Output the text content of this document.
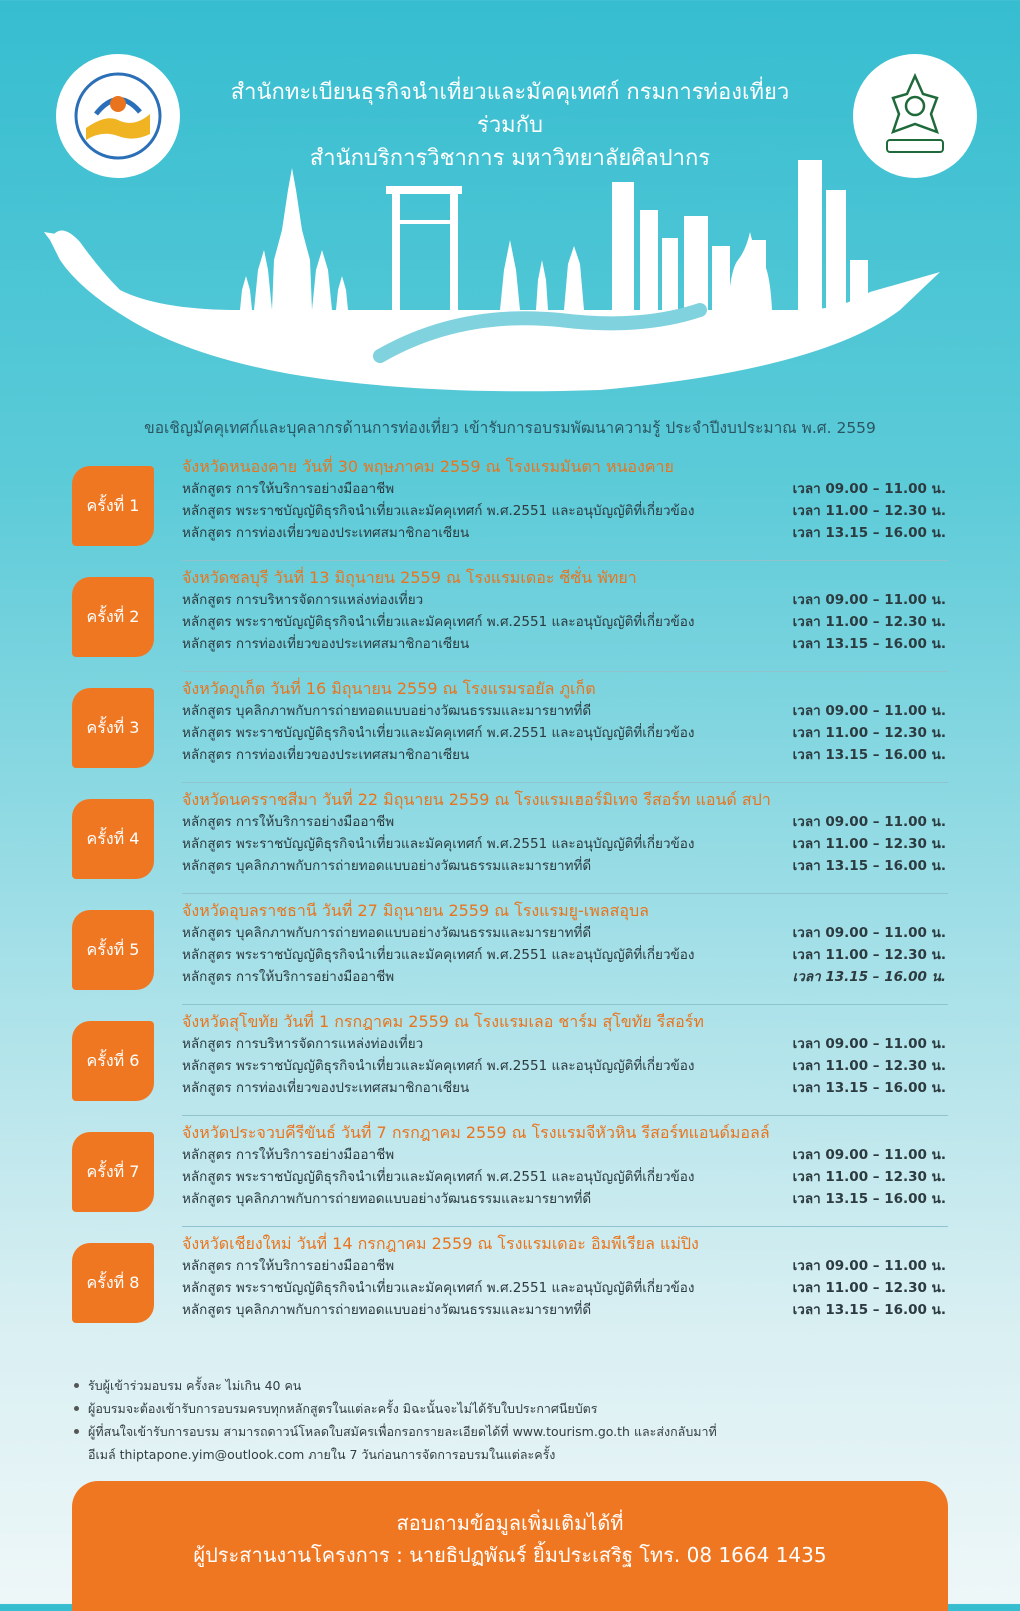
สำนักทะเบียนธุรกิจนำเที่ยวและมัคคุเทศก์ กรมการท่องเที่ยว
ร่วมกับ
สำนักบริการวิชาการ มหาวิทยาลัยศิลปากร
ขอเชิญมัคคุเทศก์และบุคลากรด้านการท่องเที่ยว เข้ารับการอบรมพัฒนาความรู้ ประจำปีงบประมาณ พ.ศ. 2559
ครั้งที่ 1
จังหวัดหนองคาย วันที่ 30 พฤษภาคม 2559 ณ โรงแรมมันตา หนองคาย
หลักสูตร การให้บริการอย่างมืออาชีพ	เวลา 09.00 – 11.00 น.
หลักสูตร พระราชบัญญัติธุรกิจนำเที่ยวและมัคคุเทศก์ พ.ศ.2551 และอนุบัญญัติที่เกี่ยวข้อง	เวลา 11.00 – 12.30 น.
หลักสูตร การท่องเที่ยวของประเทศสมาชิกอาเซียน	เวลา 13.15 – 16.00 น.
ครั้งที่ 2
จังหวัดชลบุรี วันที่ 13 มิถุนายน 2559 ณ โรงแรมเดอะ ซีซั่น พัทยา
หลักสูตร การบริหารจัดการแหล่งท่องเที่ยว	เวลา 09.00 – 11.00 น.
หลักสูตร พระราชบัญญัติธุรกิจนำเที่ยวและมัคคุเทศก์ พ.ศ.2551 และอนุบัญญัติที่เกี่ยวข้อง	เวลา 11.00 – 12.30 น.
หลักสูตร การท่องเที่ยวของประเทศสมาชิกอาเซียน	เวลา 13.15 – 16.00 น.
ครั้งที่ 3
จังหวัดภูเก็ต วันที่ 16 มิถุนายน 2559 ณ โรงแรมรอยัล ภูเก็ต
หลักสูตร บุคลิกภาพกับการถ่ายทอดแบบอย่างวัฒนธรรมและมารยาทที่ดี	เวลา 09.00 – 11.00 น.
หลักสูตร พระราชบัญญัติธุรกิจนำเที่ยวและมัคคุเทศก์ พ.ศ.2551 และอนุบัญญัติที่เกี่ยวข้อง	เวลา 11.00 – 12.30 น.
หลักสูตร การท่องเที่ยวของประเทศสมาชิกอาเซียน	เวลา 13.15 – 16.00 น.
ครั้งที่ 4
จังหวัดนครราชสีมา วันที่ 22 มิถุนายน 2559 ณ โรงแรมเฮอร์มิเทจ รีสอร์ท แอนด์ สปา
หลักสูตร การให้บริการอย่างมืออาชีพ	เวลา 09.00 – 11.00 น.
หลักสูตร พระราชบัญญัติธุรกิจนำเที่ยวและมัคคุเทศก์ พ.ศ.2551 และอนุบัญญัติที่เกี่ยวข้อง	เวลา 11.00 – 12.30 น.
หลักสูตร บุคลิกภาพกับการถ่ายทอดแบบอย่างวัฒนธรรมและมารยาทที่ดี	เวลา 13.15 – 16.00 น.
ครั้งที่ 5
จังหวัดอุบลราชธานี วันที่ 27 มิถุนายน 2559 ณ โรงแรมยู-เพลสอุบล
หลักสูตร บุคลิกภาพกับการถ่ายทอดแบบอย่างวัฒนธรรมและมารยาทที่ดี	เวลา 09.00 – 11.00 น.
หลักสูตร พระราชบัญญัติธุรกิจนำเที่ยวและมัคคุเทศก์ พ.ศ.2551 และอนุบัญญัติที่เกี่ยวข้อง	เวลา 11.00 – 12.30 น.
หลักสูตร การให้บริการอย่างมืออาชีพ	เวลา 13.15 – 16.00 น.
ครั้งที่ 6
จังหวัดสุโขทัย วันที่ 1 กรกฎาคม 2559 ณ โรงแรมเลอ ชาร์ม สุโขทัย รีสอร์ท
หลักสูตร การบริหารจัดการแหล่งท่องเที่ยว	เวลา 09.00 – 11.00 น.
หลักสูตร พระราชบัญญัติธุรกิจนำเที่ยวและมัคคุเทศก์ พ.ศ.2551 และอนุบัญญัติที่เกี่ยวข้อง	เวลา 11.00 – 12.30 น.
หลักสูตร การท่องเที่ยวของประเทศสมาชิกอาเซียน	เวลา 13.15 – 16.00 น.
ครั้งที่ 7
จังหวัดประจวบคีรีขันธ์ วันที่ 7 กรกฎาคม 2559 ณ โรงแรมจีหัวหิน รีสอร์ทแอนด์มอลล์
หลักสูตร การให้บริการอย่างมืออาชีพ	เวลา 09.00 – 11.00 น.
หลักสูตร พระราชบัญญัติธุรกิจนำเที่ยวและมัคคุเทศก์ พ.ศ.2551 และอนุบัญญัติที่เกี่ยวข้อง	เวลา 11.00 – 12.30 น.
หลักสูตร บุคลิกภาพกับการถ่ายทอดแบบอย่างวัฒนธรรมและมารยาทที่ดี	เวลา 13.15 – 16.00 น.
ครั้งที่ 8
จังหวัดเชียงใหม่ วันที่ 14 กรกฎาคม 2559 ณ โรงแรมเดอะ อิมพีเรียล แม่ปิง
หลักสูตร การให้บริการอย่างมืออาชีพ	เวลา 09.00 – 11.00 น.
หลักสูตร พระราชบัญญัติธุรกิจนำเที่ยวและมัคคุเทศก์ พ.ศ.2551 และอนุบัญญัติที่เกี่ยวข้อง	เวลา 11.00 – 12.30 น.
หลักสูตร บุคลิกภาพกับการถ่ายทอดแบบอย่างวัฒนธรรมและมารยาทที่ดี	เวลา 13.15 – 16.00 น.
รับผู้เข้าร่วมอบรม ครั้งละ ไม่เกิน 40 คน
ผู้อบรมจะต้องเข้ารับการอบรมครบทุกหลักสูตรในแต่ละครั้ง มิฉะนั้นจะไม่ได้รับใบประกาศนียบัตร
ผู้ที่สนใจเข้ารับการอบรม สามารถดาวน์โหลดใบสมัครเพื่อกรอกรายละเอียดได้ที่ www.tourism.go.th และส่งกลับมาที่
อีเมล์ thiptapone.yim@outlook.com ภายใน 7 วันก่อนการจัดการอบรมในแต่ละครั้ง
สอบถามข้อมูลเพิ่มเติมได้ที่
ผู้ประสานงานโครงการ : นายธิปฏพัณร์ ยิ้มประเสริฐ โทร. 08 1664 1435
